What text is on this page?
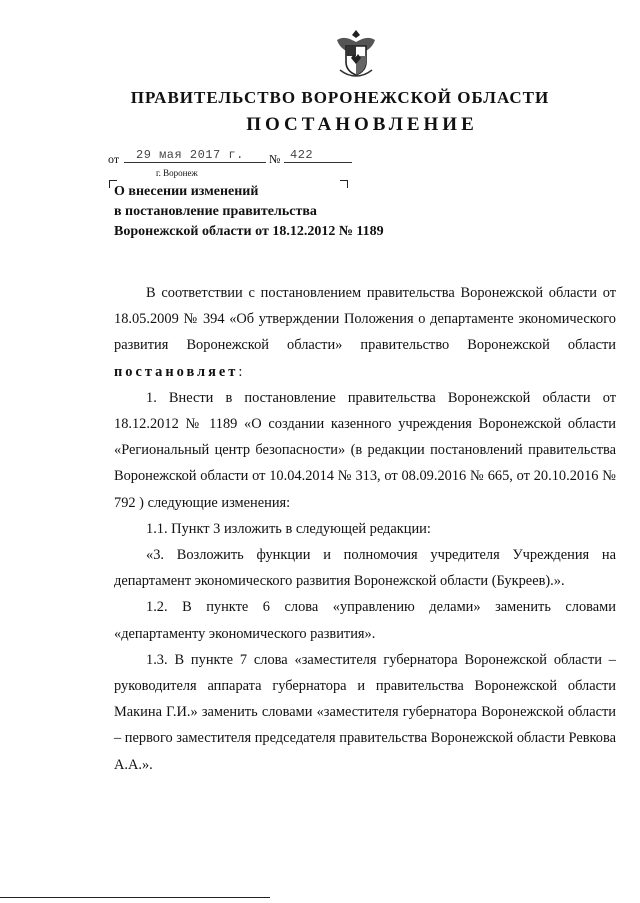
ПРАВИТЕЛЬСТВО ВОРОНЕЖСКОЙ ОБЛАСТИ
ПОСТАНОВЛЕНИЕ
от 29 мая 2017 г. № 422
г. Воронеж
О внесении изменений
в постановление правительства
Воронежской области от 18.12.2012 № 1189

В соответствии с постановлением правительства Воронежской области от 18.05.2009 № 394 «Об утверждении Положения о департаменте экономического развития Воронежской области» правительство Воронежской области постановляет:

1. Внести в постановление правительства Воронежской области от 18.12.2012 № 1189 «О создании казенного учреждения Воронежской области «Региональный центр безопасности» (в редакции постановлений правительства Воронежской области от 10.04.2014 № 313, от 08.09.2016 № 665, от 20.10.2016 № 792 ) следующие изменения:

1.1. Пункт 3 изложить в следующей редакции:

«3. Возложить функции и полномочия учредителя Учреждения на департамент экономического развития Воронежской области (Букреев).».

1.2. В пункте 6 слова «управлению делами» заменить словами «департаменту экономического развития».

1.3. В пункте 7 слова «заместителя губернатора Воронежской области – руководителя аппарата губернатора и правительства Воронежской области Макина Г.И.» заменить словами «заместителя губернатора Воронежской области – первого заместителя председателя правительства Воронежской области Ревкова А.А.».
